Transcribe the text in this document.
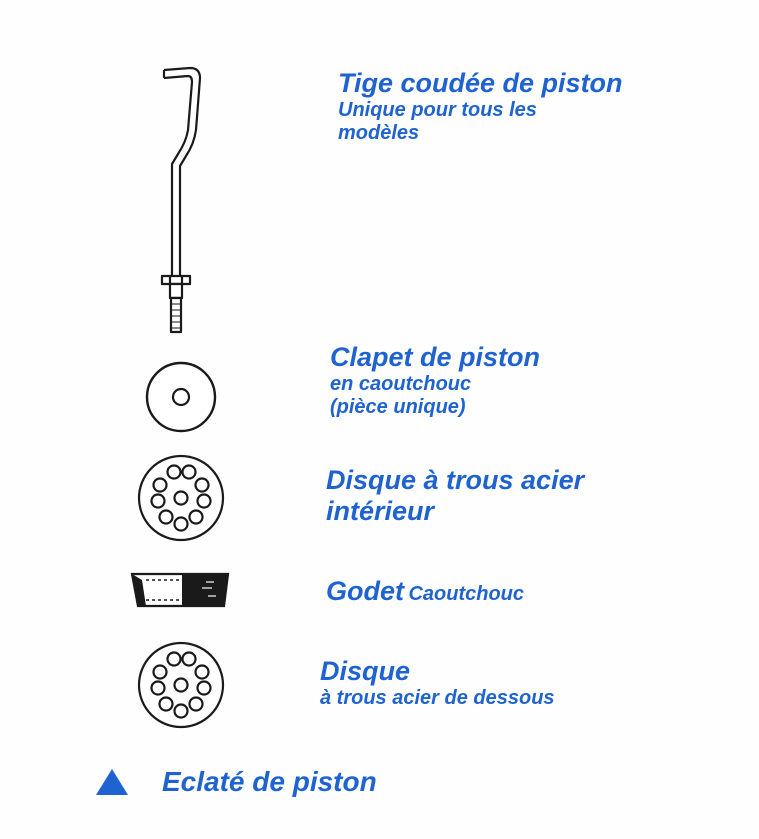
Tige coudée de piston
Unique pour tous les
modèles
Clapet de piston
en caoutchouc
(pièce unique)
Disque à trous acier
intérieur
Godet Caoutchouc
Disque
à trous acier de dessous
Eclaté de piston
